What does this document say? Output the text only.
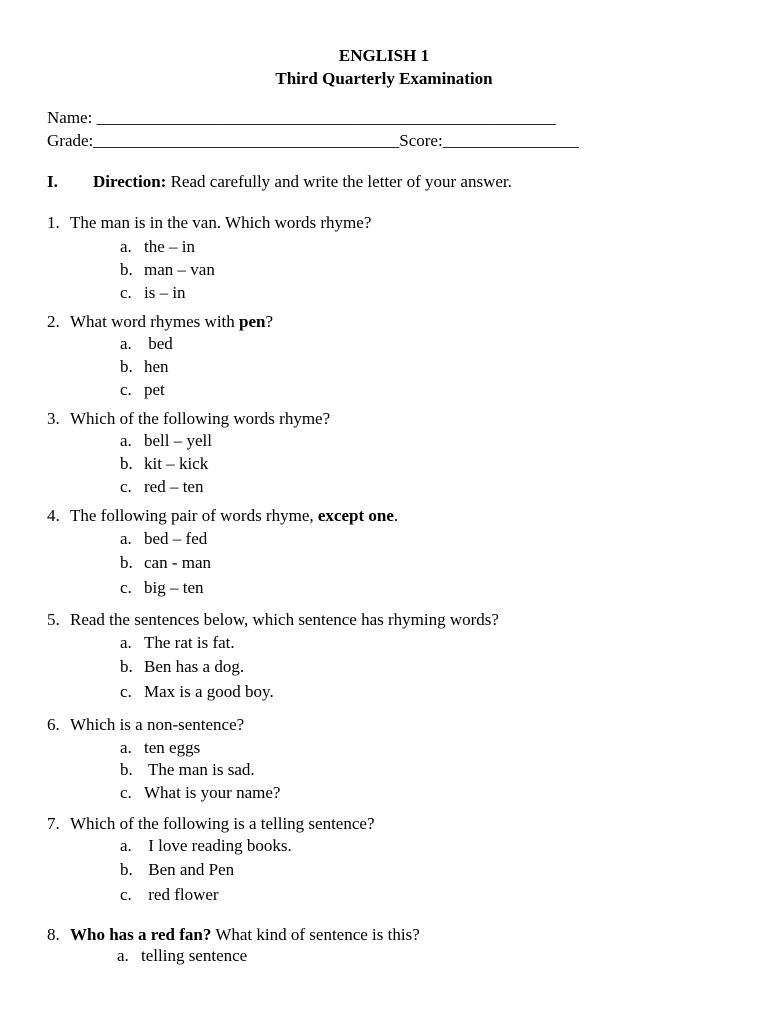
ENGLISH 1
Third Quarterly Examination
Name: ______________________________________________________
Grade:____________________________________Score:________________
I. Direction: Read carefully and write the letter of your answer.
1. The man is in the van. Which words rhyme?
a. the – in
b. man – van
c. is – in
2. What word rhymes with pen?
a. bed
b. hen
c. pet
3. Which of the following words rhyme?
a. bell – yell
b. kit – kick
c. red – ten
4. The following pair of words rhyme, except one.
a. bed – fed
b. can - man
c. big – ten
5. Read the sentences below, which sentence has rhyming words?
a. The rat is fat.
b. Ben has a dog.
c. Max is a good boy.
6. Which is a non-sentence?
a. ten eggs
b. The man is sad.
c. What is your name?
7. Which of the following is a telling sentence?
a. I love reading books.
b. Ben and Pen
c. red flower
8. Who has a red fan? What kind of sentence is this?
a. telling sentence
